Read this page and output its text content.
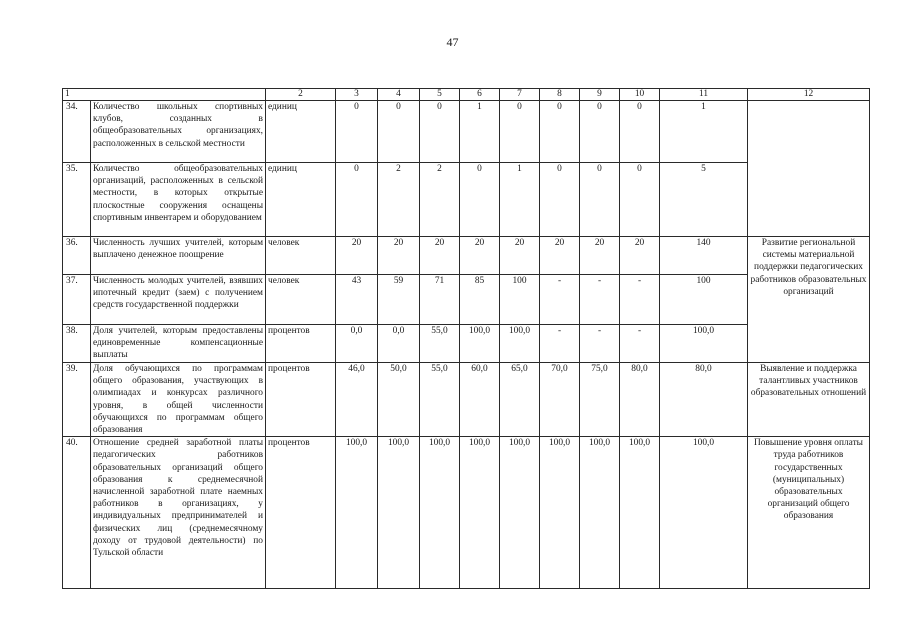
47
1		2	3	4	5	6	7	8	9	10	11	12
34.	Количество школьных спортивных клубов, созданных в общеобразовательных организациях, расположенных в сельской местности	единиц	0	0	0	1	0	0	0	0	1	
35.	Количество общеобразовательных организаций, расположенных в сельской местности, в которых открытые плоскостные сооружения оснащены спортивным инвентарем и оборудованием	единиц	0	2	2	0	1	0	0	0	5	
36.	Численность лучших учителей, которым выплачено денежное поощрение	человек	20	20	20	20	20	20	20	20	140	Развитие региональной системы материальной поддержки педагогических работников образовательных организаций
37.	Численность молодых учителей, взявших ипотечный кредит (заем) с получением средств государственной поддержки	человек	43	59	71	85	100	-	-	-	100	
38.	Доля учителей, которым предоставлены единовременные компенсационные выплаты	процентов	0,0	0,0	55,0	100,0	100,0	-	-	-	100,0	
39.	Доля обучающихся по программам общего образования, участвующих в олимпиадах и конкурсах различного уровня, в общей численности обучающихся по программам общего образования	процентов	46,0	50,0	55,0	60,0	65,0	70,0	75,0	80,0	80,0	Выявление и поддержка талантливых участников образовательных отношений
40.	Отношение средней заработной платы педагогических работников образовательных организаций общего образования к среднемесячной начисленной заработной плате наемных работников в организациях, у индивидуальных предпринимателей и физических лиц (среднемесячному доходу от трудовой деятельности) по Тульской области	процентов	100,0	100,0	100,0	100,0	100,0	100,0	100,0	100,0	100,0	Повышение уровня оплаты труда работников государственных (муниципальных) образовательных организаций общего образования
